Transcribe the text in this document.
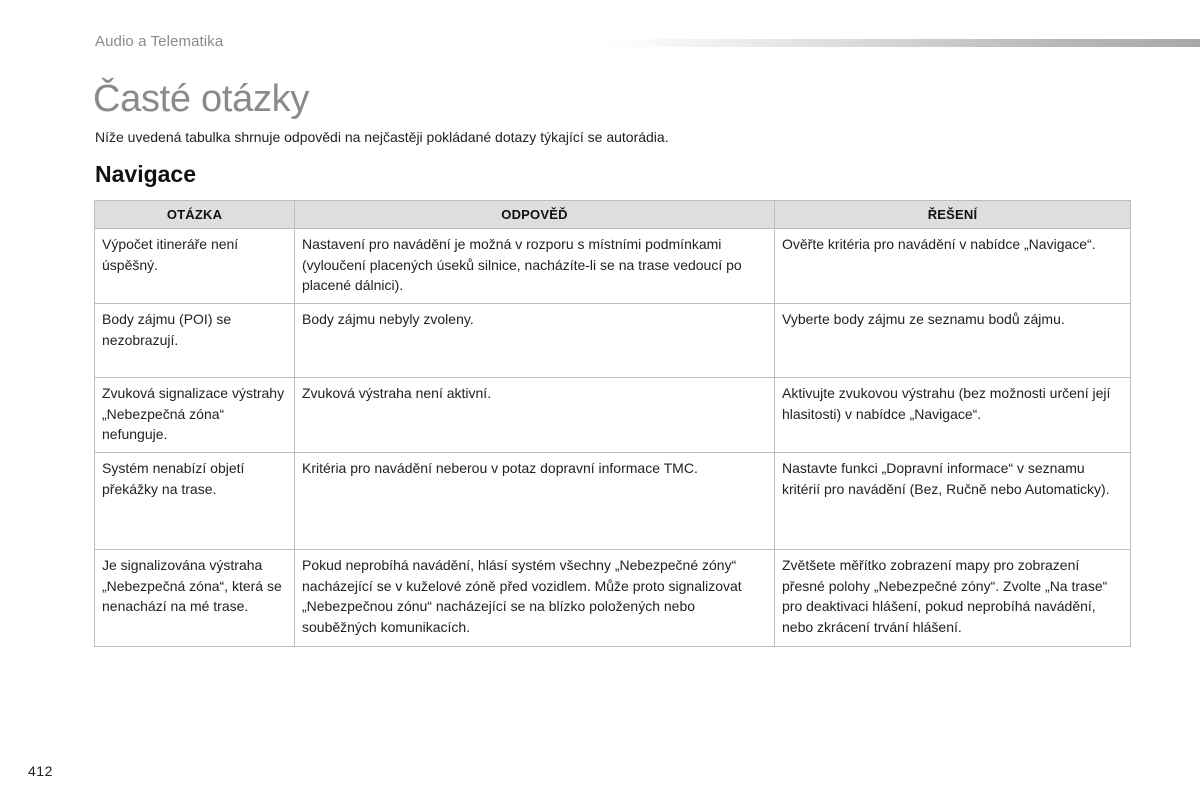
Audio a Telematika
Časté otázky

Níže uvedená tabulka shrnuje odpovědi na nejčastěji pokládané dotazy týkající se autorádia.

Navigace
OTÁZKA	ODPOVĚĎ	ŘEŠENÍ
Výpočet itineráře není úspěšný.	Nastavení pro navádění je možná v rozporu s místními podmínkami (vyloučení placených úseků silnice, nacházíte-li se na trase vedoucí po placené dálnici).	Ověřte kritéria pro navádění v nabídce „Navigace“.
Body zájmu (POI) se nezobrazují.	Body zájmu nebyly zvoleny.	Vyberte body zájmu ze seznamu bodů zájmu.
Zvuková signalizace výstrahy „Nebezpečná zóna“ nefunguje.	Zvuková výstraha není aktivní.	Aktivujte zvukovou výstrahu (bez možnosti určení její hlasitosti) v nabídce „Navigace“.
Systém nenabízí objetí překážky na trase.	Kritéria pro navádění neberou v potaz dopravní informace TMC.	Nastavte funkci „Dopravní informace“ v seznamu kritérií pro navádění (Bez, Ručně nebo Automaticky).
Je signalizována výstraha „Nebezpečná zóna“, která se nenachází na mé trase.	Pokud neprobíhá navádění, hlásí systém všechny „Nebezpečné zóny“ nacházející se v kuželové zóně před vozidlem. Může proto signalizovat „Nebezpečnou zónu“ nacházející se na blízko položených nebo souběžných komunikacích.	Zvětšete měřítko zobrazení mapy pro zobrazení přesné polohy „Nebezpečné zóny“. Zvolte „Na trase“ pro deaktivaci hlášení, pokud neprobíhá navádění, nebo zkrácení trvání hlášení.
412
